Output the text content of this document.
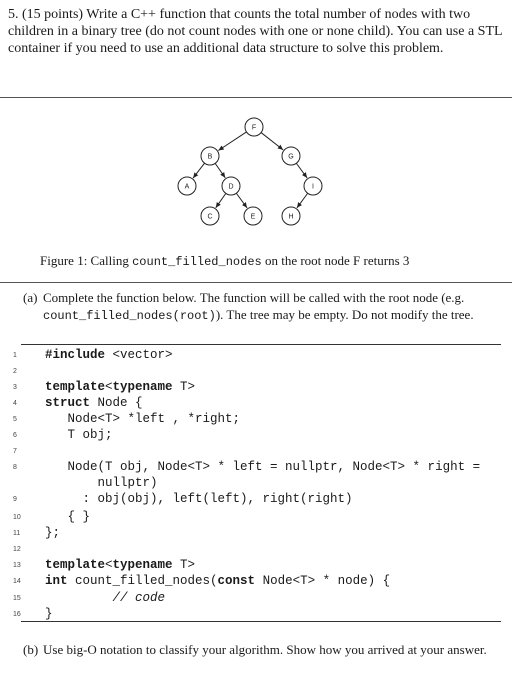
5. (15 points) Write a C++ function that counts the total number of nodes with two children in a binary tree (do not count nodes with one or none child). You can use a STL container if you need to use an additional data structure to solve this problem.

F
B	G
A	D	I
C	E	H
Figure 1: Calling count_filled_nodes on the root node F returns 3
(a) Complete the function below. The function will be called with the root node (e.g. count_filled_nodes(root)). The tree may be empty. Do not modify the tree.
1	#include <vector>
2
3	template<typename T>
4	struct Node {
5	Node<T> *left , *right;
6	T obj;
7
8	Node(T obj, Node<T> * left = nullptr, Node<T> * right =
nullptr)
9	: obj(obj), left(left), right(right)
10	{ }
11	};
12
13	template<typename T>
14	int count_filled_nodes(const Node<T> * node) {
15	// code
16	}
(b) Use big-O notation to classify your algorithm. Show how you arrived at your answer.
